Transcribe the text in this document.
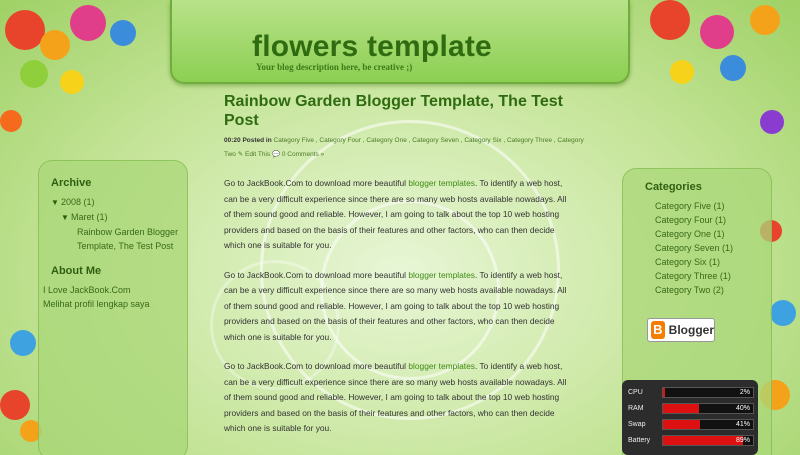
flowers template
Your blog description here, be creative ;)
Archive
▼ 2008 (1)
▼ Maret (1)
Rainbow Garden Blogger Template, The Test Post
About Me
I Love JackBook.Com
Melihat profil lengkap saya
Rainbow Garden Blogger Template, The Test Post
00:20 Posted in Category Five , Category Four , Category One , Category Seven , Category Six , Category Three , Category Two ✎ Edit This 💬 0 Comments »

Go to JackBook.Com to download more beautiful blogger templates. To identify a web host, can be a very difficult experience since there are so many web hosts available nowadays. All of them sound good and reliable. However, I am going to talk about the top 10 web hosting providers and based on the basis of their features and other factors, who can then decide which one is suitable for you.

Go to JackBook.Com to download more beautiful blogger templates. To identify a web host, can be a very difficult experience since there are so many web hosts available nowadays. All of them sound good and reliable. However, I am going to talk about the top 10 web hosting providers and based on the basis of their features and other factors, who can then decide which one is suitable for you.

Go to JackBook.Com to download more beautiful blogger templates. To identify a web host, can be a very difficult experience since there are so many web hosts available nowadays. All of them sound good and reliable. However, I am going to talk about the top 10 web hosting providers and based on the basis of their features and other factors, who can then decide which one is suitable for you.

Categories
Category Five (1)
Category Four (1)
Category One (1)
Category Seven (1)
Category Six (1)
Category Three (1)
Category Two (2)
B Blogger
CPU	2%
RAM	40%
Swap	41%
Battery	89%
